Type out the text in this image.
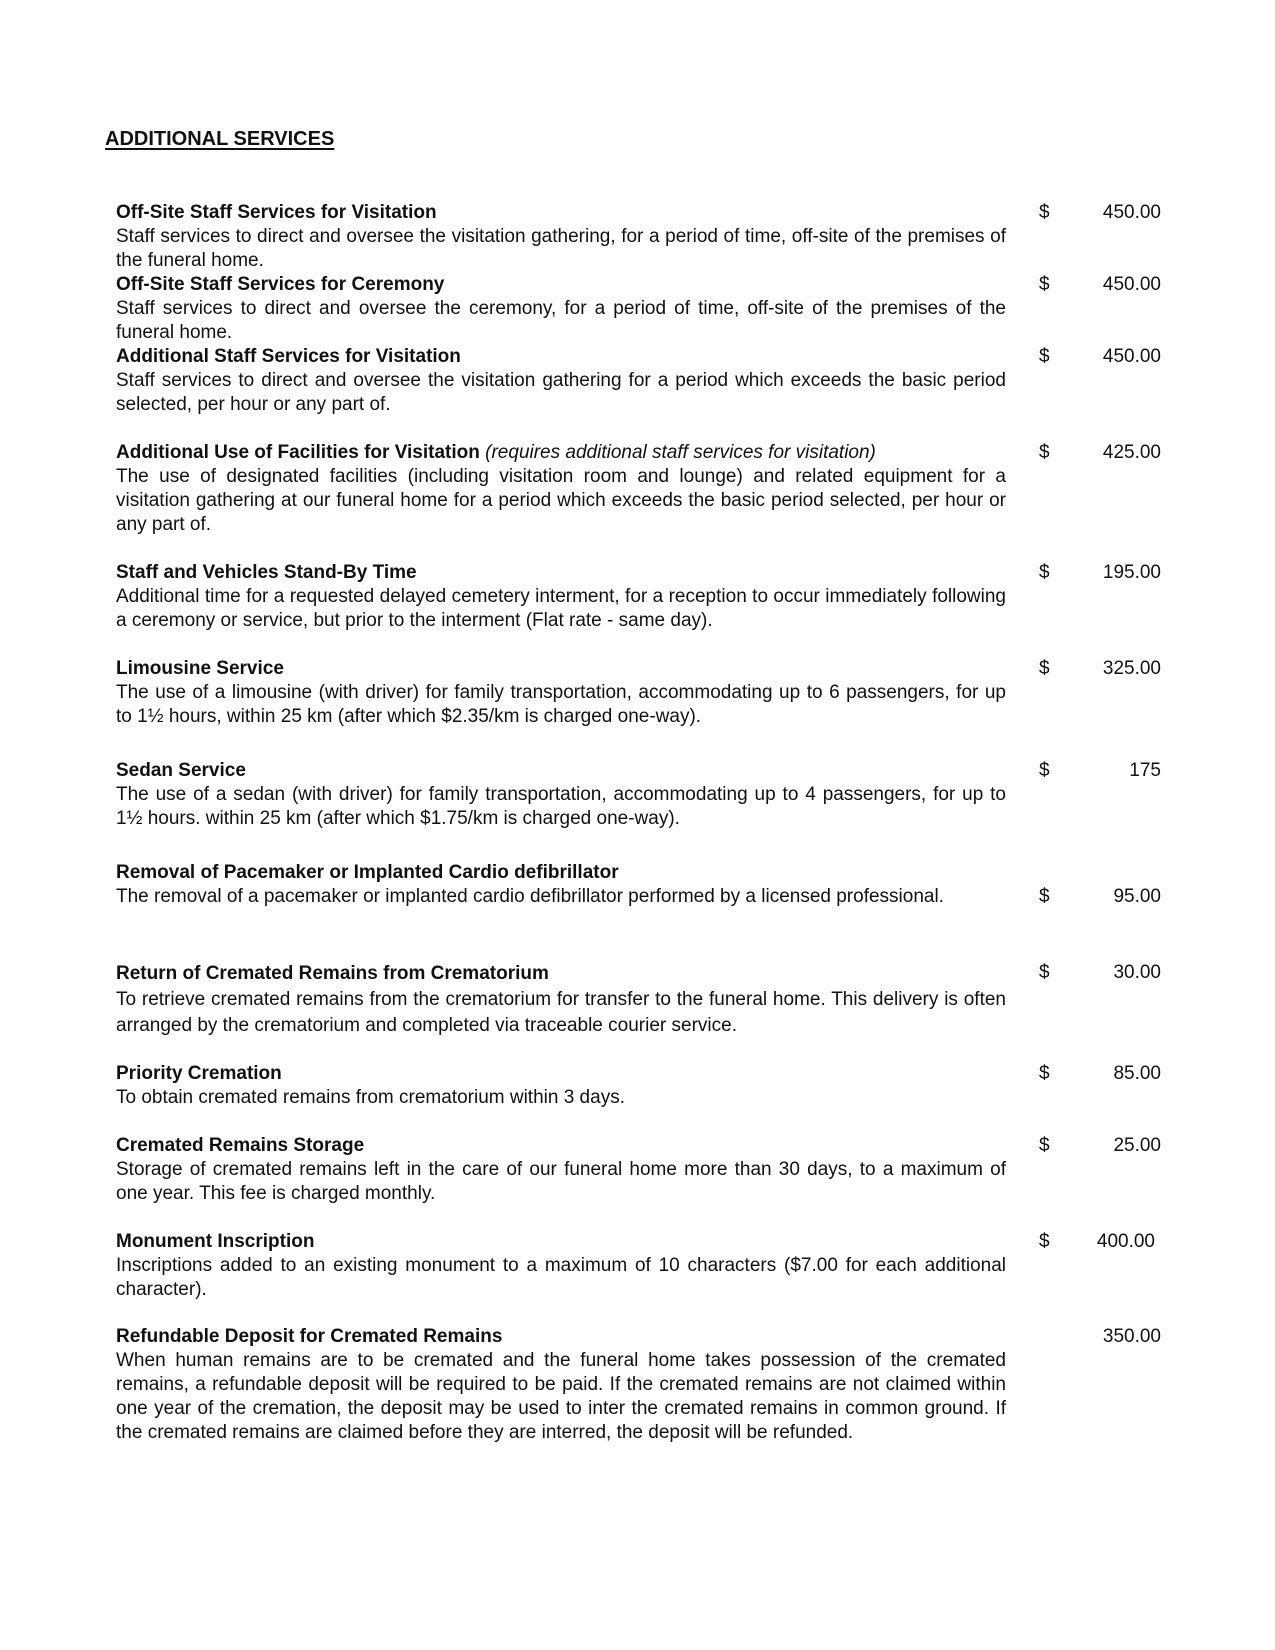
ADDITIONAL SERVICES
Off-Site Staff Services for Visitation
Staff services to direct and oversee the visitation gathering, for a period of time, off-site of the premises of the funeral home.
$	450.00
Off-Site Staff Services for Ceremony
Staff services to direct and oversee the ceremony, for a period of time, off-site of the premises of the funeral home.
$	450.00
Additional Staff Services for Visitation
Staff services to direct and oversee the visitation gathering for a period which exceeds the basic period selected, per hour or any part of.
$	450.00
Additional Use of Facilities for Visitation (requires additional staff services for visitation)
The use of designated facilities (including visitation room and lounge) and related equipment for a visitation gathering at our funeral home for a period which exceeds the basic period selected, per hour or any part of.
$	425.00
Staff and Vehicles Stand-By Time
Additional time for a requested delayed cemetery interment, for a reception to occur immediately following a ceremony or service, but prior to the interment (Flat rate - same day).
$	195.00
Limousine Service
The use of a limousine (with driver) for family transportation, accommodating up to 6 passengers, for up to 1½ hours, within 25 km (after which $2.35/km is charged one-way).
$	325.00
Sedan Service
The use of a sedan (with driver) for family transportation, accommodating up to 4 passengers, for up to 1½ hours. within 25 km (after which $1.75/km is charged one-way).
$	175
Removal of Pacemaker or Implanted Cardio defibrillator
The removal of a pacemaker or implanted cardio defibrillator performed by a licensed professional.	$	95.00
Return of Cremated Remains from Crematorium
To retrieve cremated remains from the crematorium for transfer to the funeral home. This delivery is often arranged by the crematorium and completed via traceable courier service.
$	30.00
Priority Cremation
To obtain cremated remains from crematorium within 3 days.
$	85.00
Cremated Remains Storage
Storage of cremated remains left in the care of our funeral home more than 30 days, to a maximum of one year. This fee is charged monthly.
$	25.00
Monument Inscription
Inscriptions added to an existing monument to a maximum of 10 characters ($7.00 for each additional character).
$ 400.00
Refundable Deposit for Cremated Remains
When human remains are to be cremated and the funeral home takes possession of the cremated remains, a refundable deposit will be required to be paid. If the cremated remains are not claimed within one year of the cremation, the deposit may be used to inter the cremated remains in common ground. If the cremated remains are claimed before they are interred, the deposit will be refunded.
350.00
